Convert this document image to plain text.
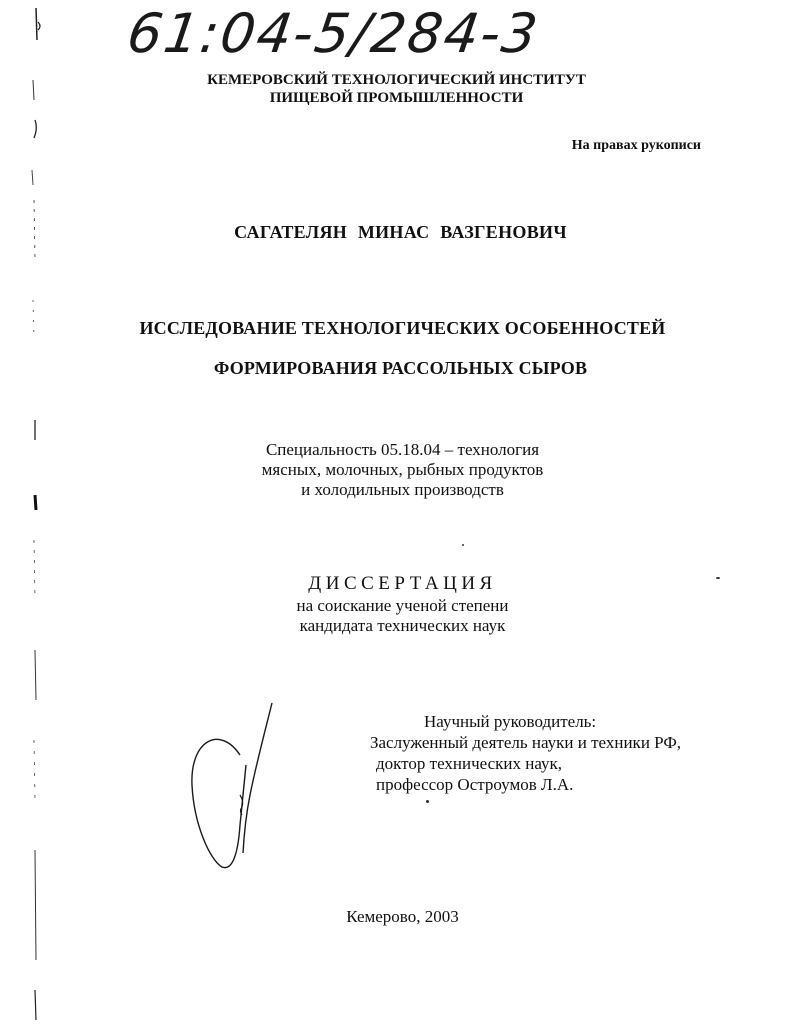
61:04-5/284-3
КЕМЕРОВСКИЙ ТЕХНОЛОГИЧЕСКИЙ ИНСТИТУТ
ПИЩЕВОЙ ПРОМЫШЛЕННОСТИ
На правах рукописи
САГАТЕЛЯН МИНАС ВАЗГЕНОВИЧ
ИССЛЕДОВАНИЕ ТЕХНОЛОГИЧЕСКИХ ОСОБЕННОСТЕЙ
ФОРМИРОВАНИЯ РАССОЛЬНЫХ СЫРОВ
Специальность 05.18.04 – технология
мясных, молочных, рыбных продуктов
и холодильных производств
ДИССЕРТАЦИЯ
на соискание ученой степени
кандидата технических наук
Научный руководитель:
Заслуженный деятель науки и техники РФ,
доктор технических наук,
профессор Остроумов Л.А.
Кемерово, 2003
